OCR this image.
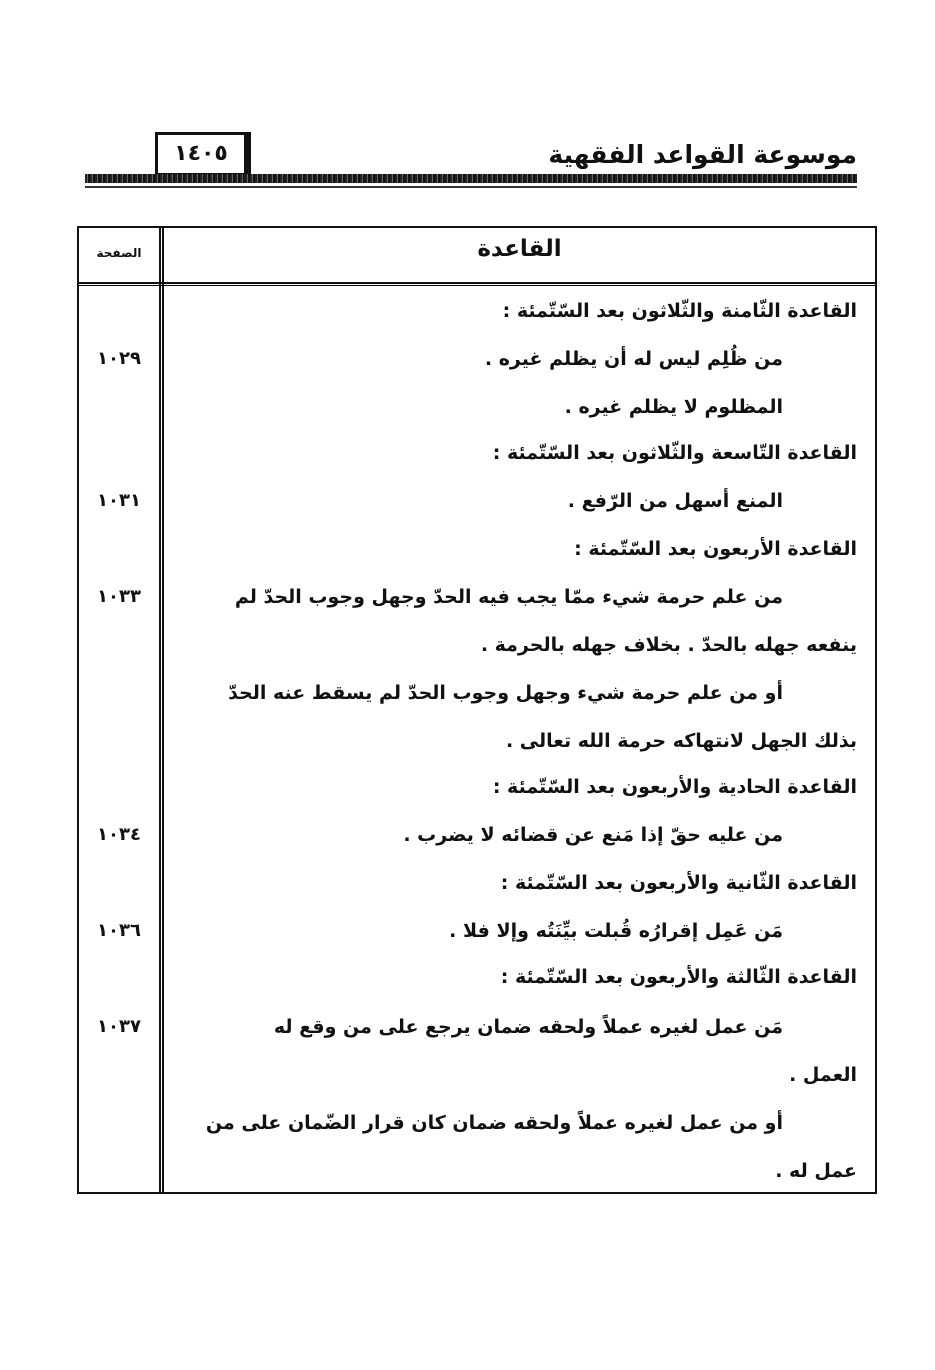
موسوعة القواعد الفقهية
١٤٠٥
القاعدة
الصفحة
القاعدة الثّامنة والثّلاثون بعد السّتّمئة :
من ظُلِم ليس له أن يظلم غيره .
١٠٢٩
المظلوم لا يظلم غيره .
القاعدة التّاسعة والثّلاثون بعد السّتّمئة :
المنع أسهل من الرّفع .
١٠٣١
القاعدة الأربعون بعد السّتّمئة :
من علم حرمة شيء ممّا يجب فيه الحدّ وجهل وجوب الحدّ لم
١٠٣٣
ينفعه جهله بالحدّ . بخلاف جهله بالحرمة .
أو من علم حرمة شيء وجهل وجوب الحدّ لم يسقط عنه الحدّ
بذلك الجهل لانتهاكه حرمة الله تعالى .
القاعدة الحادية والأربعون بعد السّتّمئة :
من عليه حقّ إذا مَنع عن قضائه لا يضرب .
١٠٣٤
القاعدة الثّانية والأربعون بعد السّتّمئة :
مَن عَمِل إقرارُه قُبلت بيِّنَتُه وإلا فلا .
١٠٣٦
القاعدة الثّالثة والأربعون بعد السّتّمئة :
مَن عمل لغيره عملاً ولحقه ضمان يرجع على من وقع له
١٠٣٧
العمل .
أو من عمل لغيره عملاً ولحقه ضمان كان قرار الضّمان على من
عمل له .
